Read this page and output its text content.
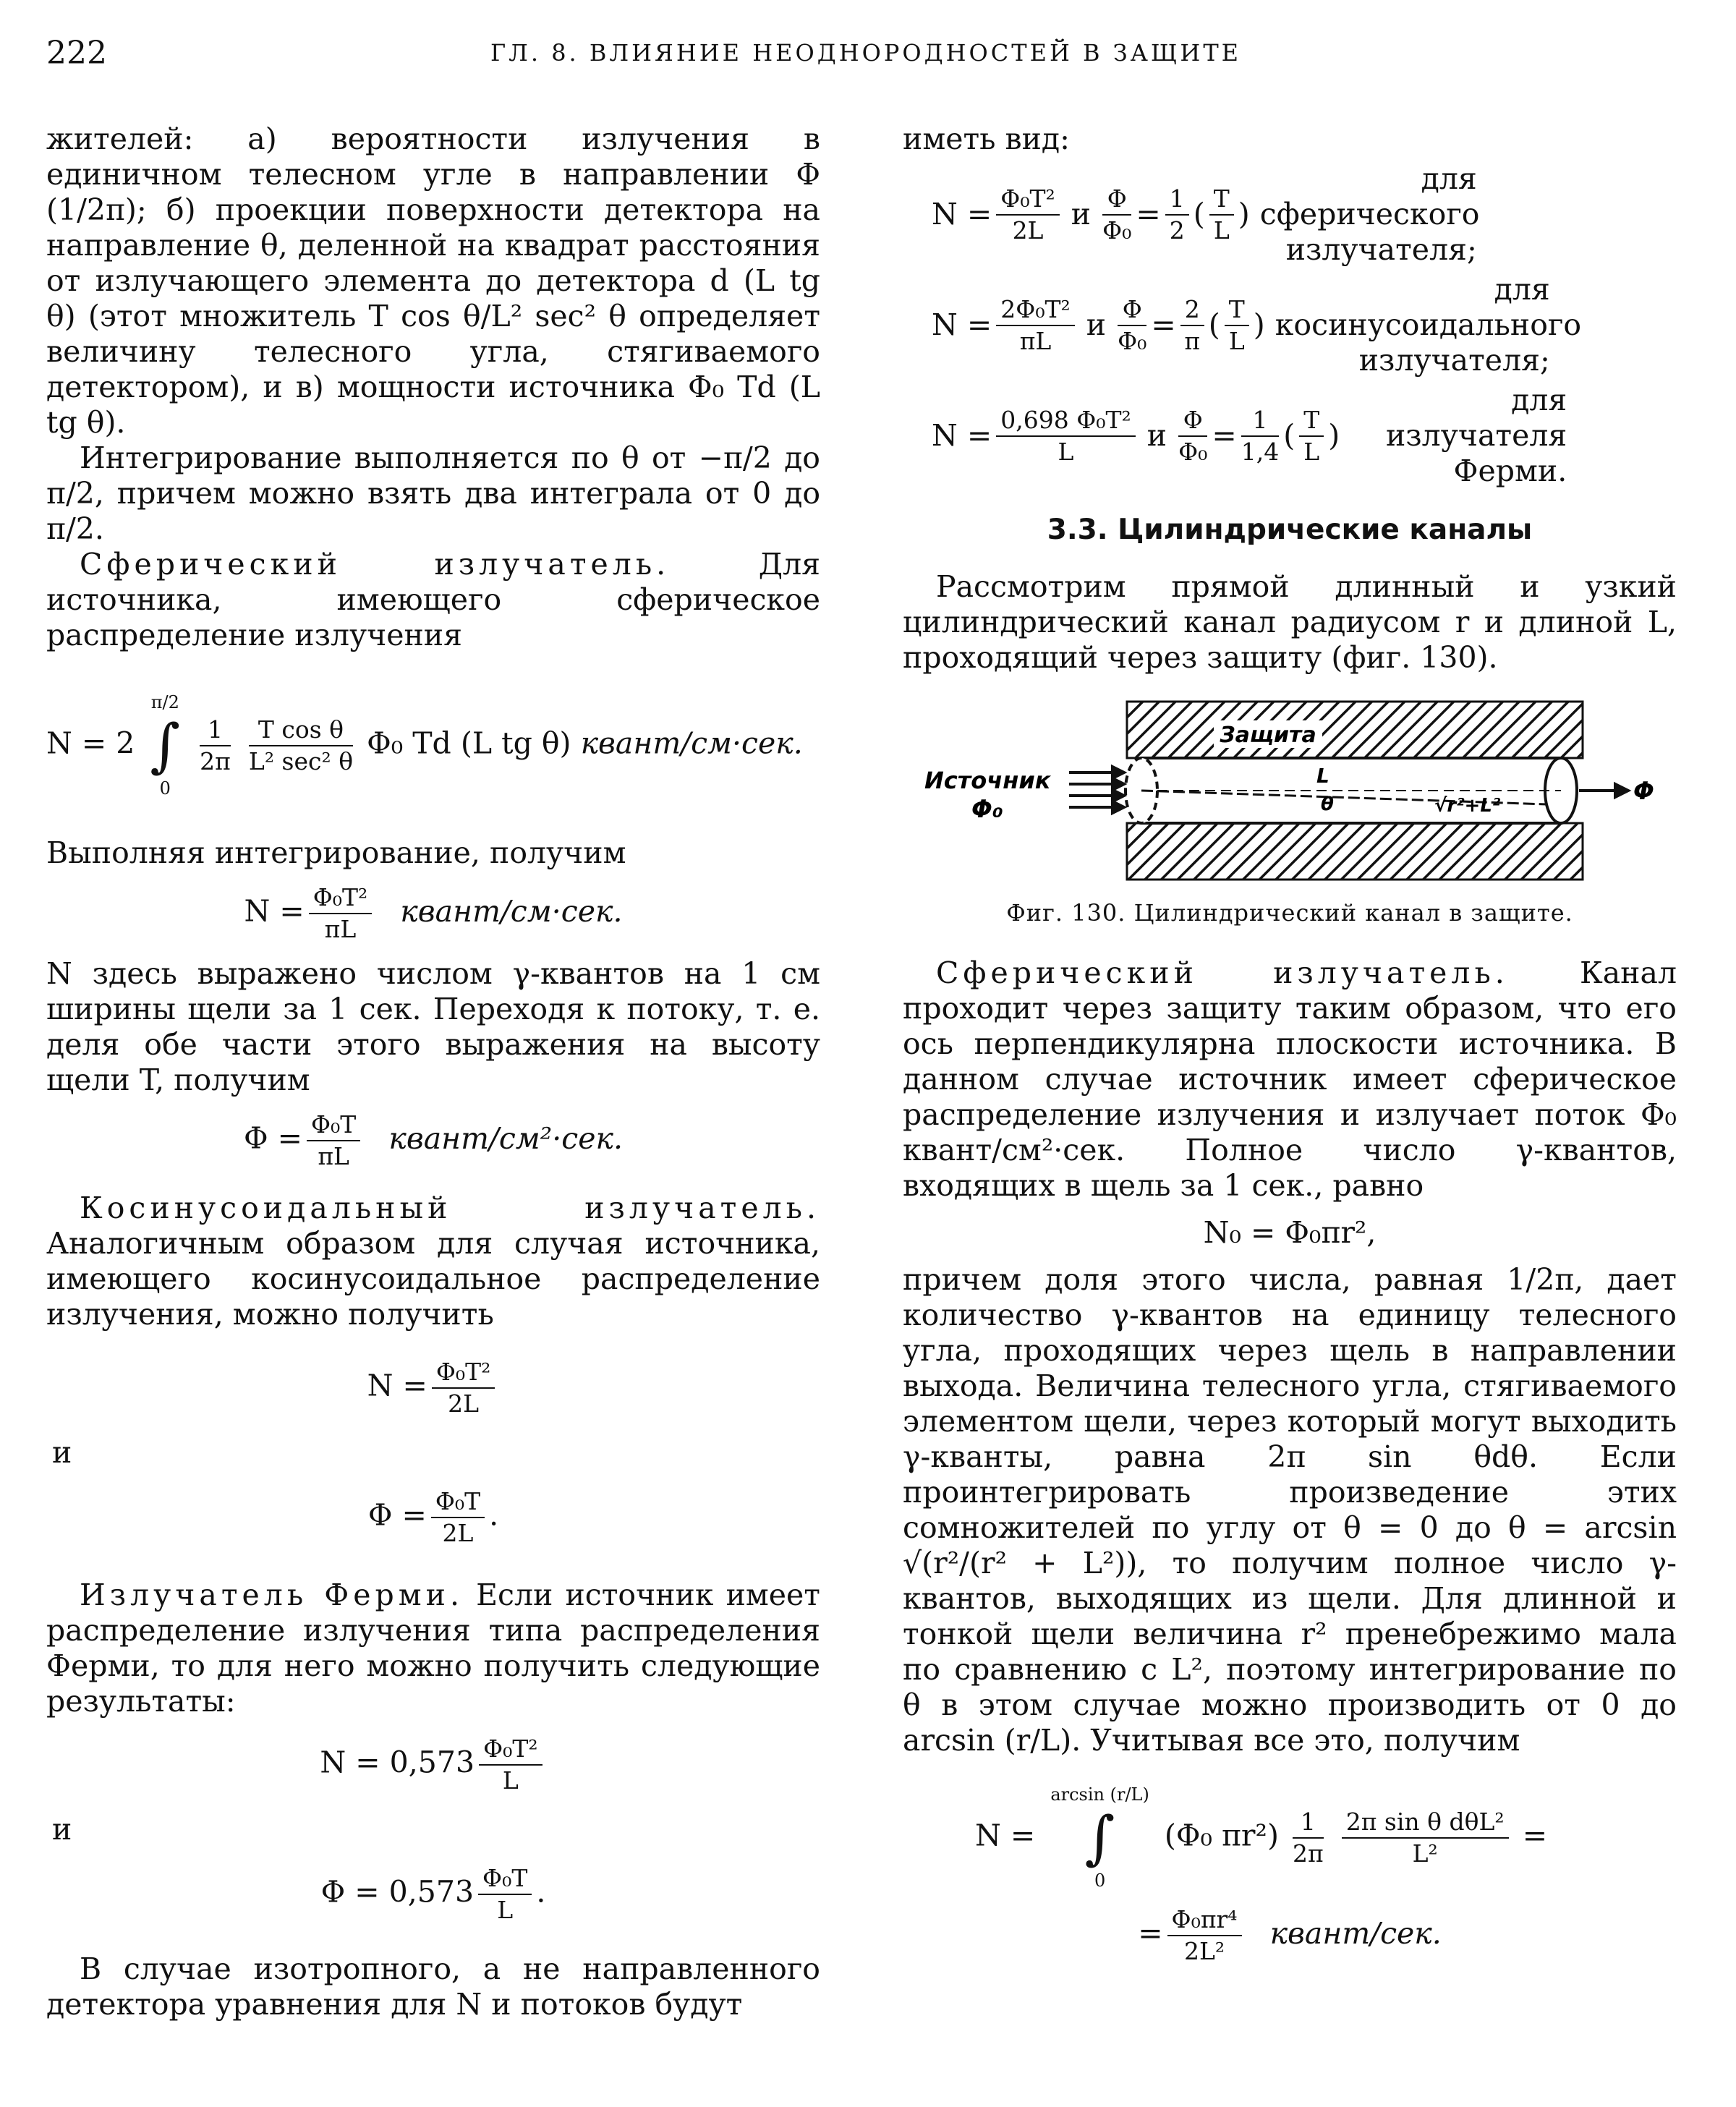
222	ГЛ. 8. ВЛИЯНИЕ НЕОДНОРОДНОСТЕЙ В ЗАЩИТЕ

жителей: а) вероятности излучения в единичном телесном угле в направлении Φ (1/2π); б) проекции поверхности детектора на направление θ, деленной на квадрат расстояния от излучающего элемента до детектора d (L tg θ) (этот множитель T cos θ/L² sec² θ определяет величину телесного угла, стягиваемого детектором), и в) мощности источника Φ₀ Td (L tg θ).

Интегрирование выполняется по θ от −π/2 до π/2, причем можно взять два интеграла от 0 до π/2.

Сферический излучатель.	Для источника, имеющего сферическое распределение излучения

N = 2
π/2
∫
0

$\frac{1}{2\pi}$
$\frac{\text{T cos θ}}{\text{L² sec² θ}} \Phi_0$ Td (L tg θ) квант/см·сек.

Выполняя интегрирование, получим

$N = \frac{\text{Φ₀T²}}{\pi L}$ квант/см·сек.

N здесь выражено числом γ-квантов на 1 см ширины щели за 1 сек. Переходя к потоку, т. е. деля обе части этого выражения на высоту щели T, получим

$\Phi = \frac{\text{Φ₀T}}{\pi L}$ квант/см²·сек.

Косинусоидальный излучатель. Аналогичным образом для случая источника, имеющего косинусоидальное распределение излучения, можно получить

$N = \frac{\text{Φ₀T²}}{2L}$

и

$\Phi = \frac{\text{Φ₀T}}{2L}$ .

Излучатель Ферми. Если источник имеет распределение излучения типа распределения Ферми, то для него можно получить следующие результаты:

$N = 0,573 \frac{\text{Φ₀T²}}{L}$

и

$\Phi = 0,573 \frac{\text{Φ₀T}}{L}$ .

В случае изотропного, а не направленного детектора уравнения для N и потоков будут

иметь вид:

$N = \frac{\text{Φ₀T²}}{2L}$ и $\frac{\Phi}{\text{Φ₀}} = \frac{1}{2}$ ( $\frac{T}{L}$ )
для сферического излучателя;
$N = \frac{\text{2Φ₀T²}}{\pi L}$ и $\frac{\Phi}{\text{Φ₀}} = \frac{2}{\pi}$ ( $\frac{T}{L}$ )
для косинусоидального излучателя;
$N = \frac{\text{0,698 Φ₀T²}}{L}$ и $\frac{\Phi}{\text{Φ₀}} = \frac{1}{1,4}$ ( $\frac{T}{L}$ )
для излучателя Ферми.
3.3. Цилиндрические каналы

Рассмотрим прямой длинный и узкий цилиндрический канал радиусом r и длиной L, проходящий через защиту (фиг. 130).

Защита
L
θ	√r²+L²
Источник
Φ₀
Φ
Фиг. 130. Цилиндрический канал в защите.

Сферический излучатель. Канал проходит через защиту таким образом, что его ось перпендикулярна плоскости источника. В данном случае источник имеет сферическое распределение излучения и излучает поток Φ₀ квант/см²·сек. Полное число γ-квантов, входящих в щель за 1 сек., равно

N₀ = Φ₀πr²,

причем доля этого числа, равная 1/2π, дает количество γ-квантов на единицу телесного угла, проходящих через щель в направлении выхода. Величина телесного угла, стягиваемого элементом щели, через который могут выходить γ-кванты, равна 2π sin θdθ. Если проинтегрировать произведение этих сомножителей по углу от θ = 0 до θ = arcsin √(r²/(r² + L²)), то получим полное число γ-квантов, выходящих из щели. Для длинной и тонкой щели величина r² пренебрежимо мала по сравнению с L², поэтому интегрирование по θ в этом случае можно производить от 0 до arcsin (r/L). Учитывая все это, получим

N =
arcsin (r/L)
∫
0
(Φ₀ $\pi r^2) \frac{1}{2\pi}$
$\frac{\text{2π sin θ dθL²}}{\text{L²}}$ =
= $\frac{\text{Φ₀πr⁴}}{\text{2L²}}$ квант/сек.
